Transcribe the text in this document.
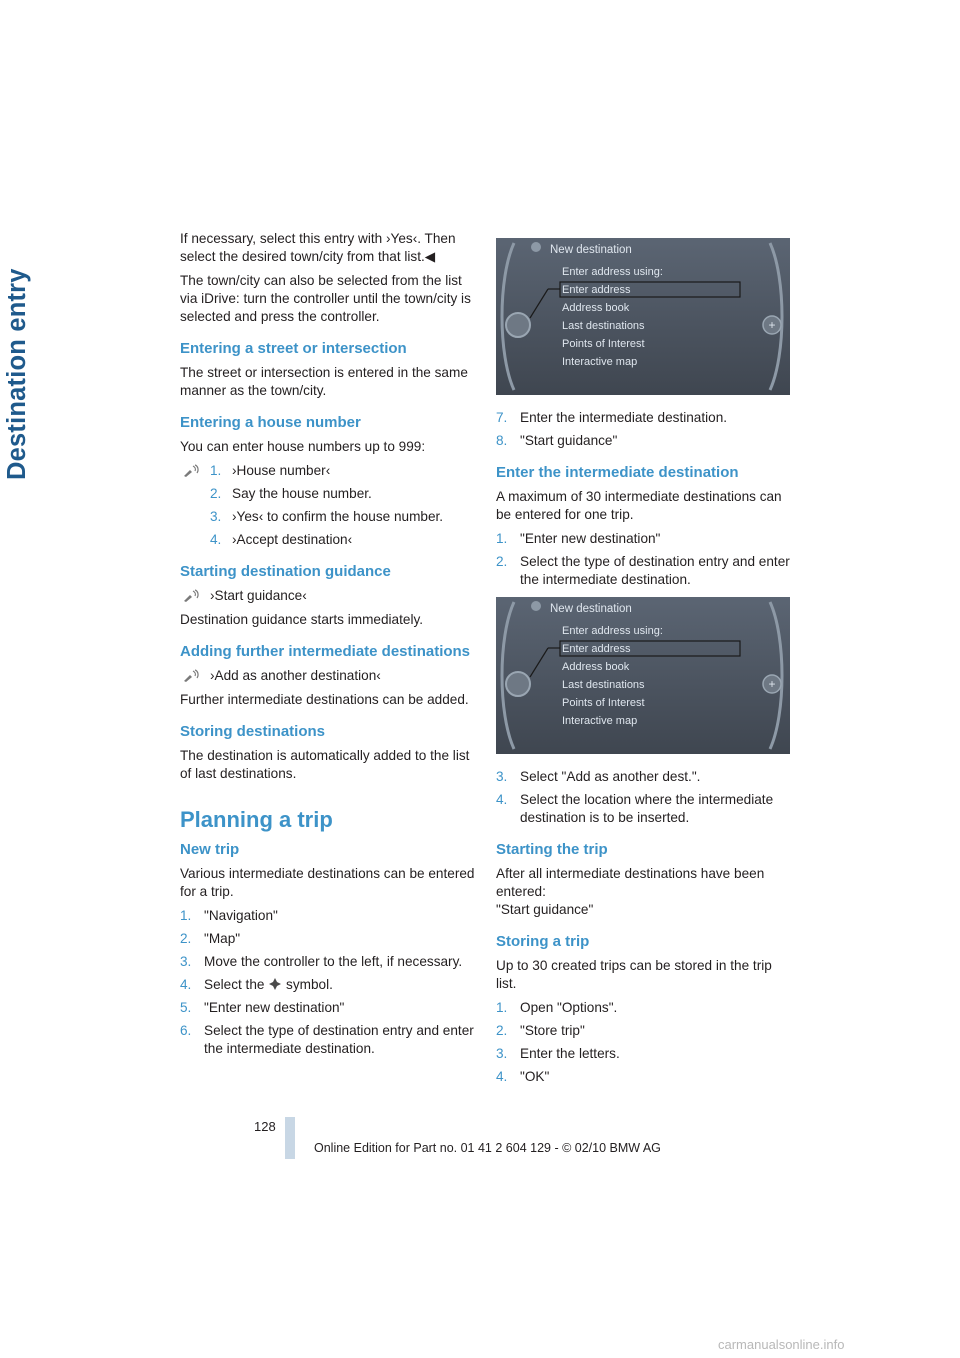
Destination entry

If necessary, select this entry with ›Yes‹. Then select the desired town/city from that list.◀

The town/city can also be selected from the list via iDrive: turn the controller until the town/city is selected and press the controller.

Entering a street or intersection

The street or intersection is entered in the same manner as the town/city.

Entering a house number

You can enter house numbers up to 999:

1. ›House number‹
2. Say the house number.
3. ›Yes‹ to confirm the house number.
4. ›Accept destination‹
Starting destination guidance
›Start guidance‹

Destination guidance starts immediately.

Adding further intermediate destinations
›Add as another destination‹

Further intermediate destinations can be added.

Storing destinations

The destination is automatically added to the list of last destinations.

Planning a trip
New trip

Various intermediate destinations can be entered for a trip.

1. "Navigation"
2. "Map"
3. Move the controller to the left, if necessary.
4. Select the symbol.
5. "Enter new destination"
6. Select the type of destination entry and enter the intermediate destination.
+
New destination
Enter address using:
Enter address
Address book
Last destinations
Points of Interest
Interactive map
7. Enter the intermediate destination.
8. "Start guidance"
Enter the intermediate destination

A maximum of 30 intermediate destinations can be entered for one trip.

1. "Enter new destination"
2. Select the type of destination entry and enter the intermediate destination.
+
New destination
Enter address using:
Enter address
Address book
Last destinations
Points of Interest
Interactive map
3. Select "Add as another dest.".
4. Select the location where the intermediate destination is to be inserted.
Starting the trip

After all intermediate destinations have been entered:

"Start guidance"

Storing a trip

Up to 30 created trips can be stored in the trip list.

1. Open "Options".
2. "Store trip"
3. Enter the letters.
4. "OK"
128
Online Edition for Part no. 01 41 2 604 129 - © 02/10 BMW AG
carmanualsonline.info
